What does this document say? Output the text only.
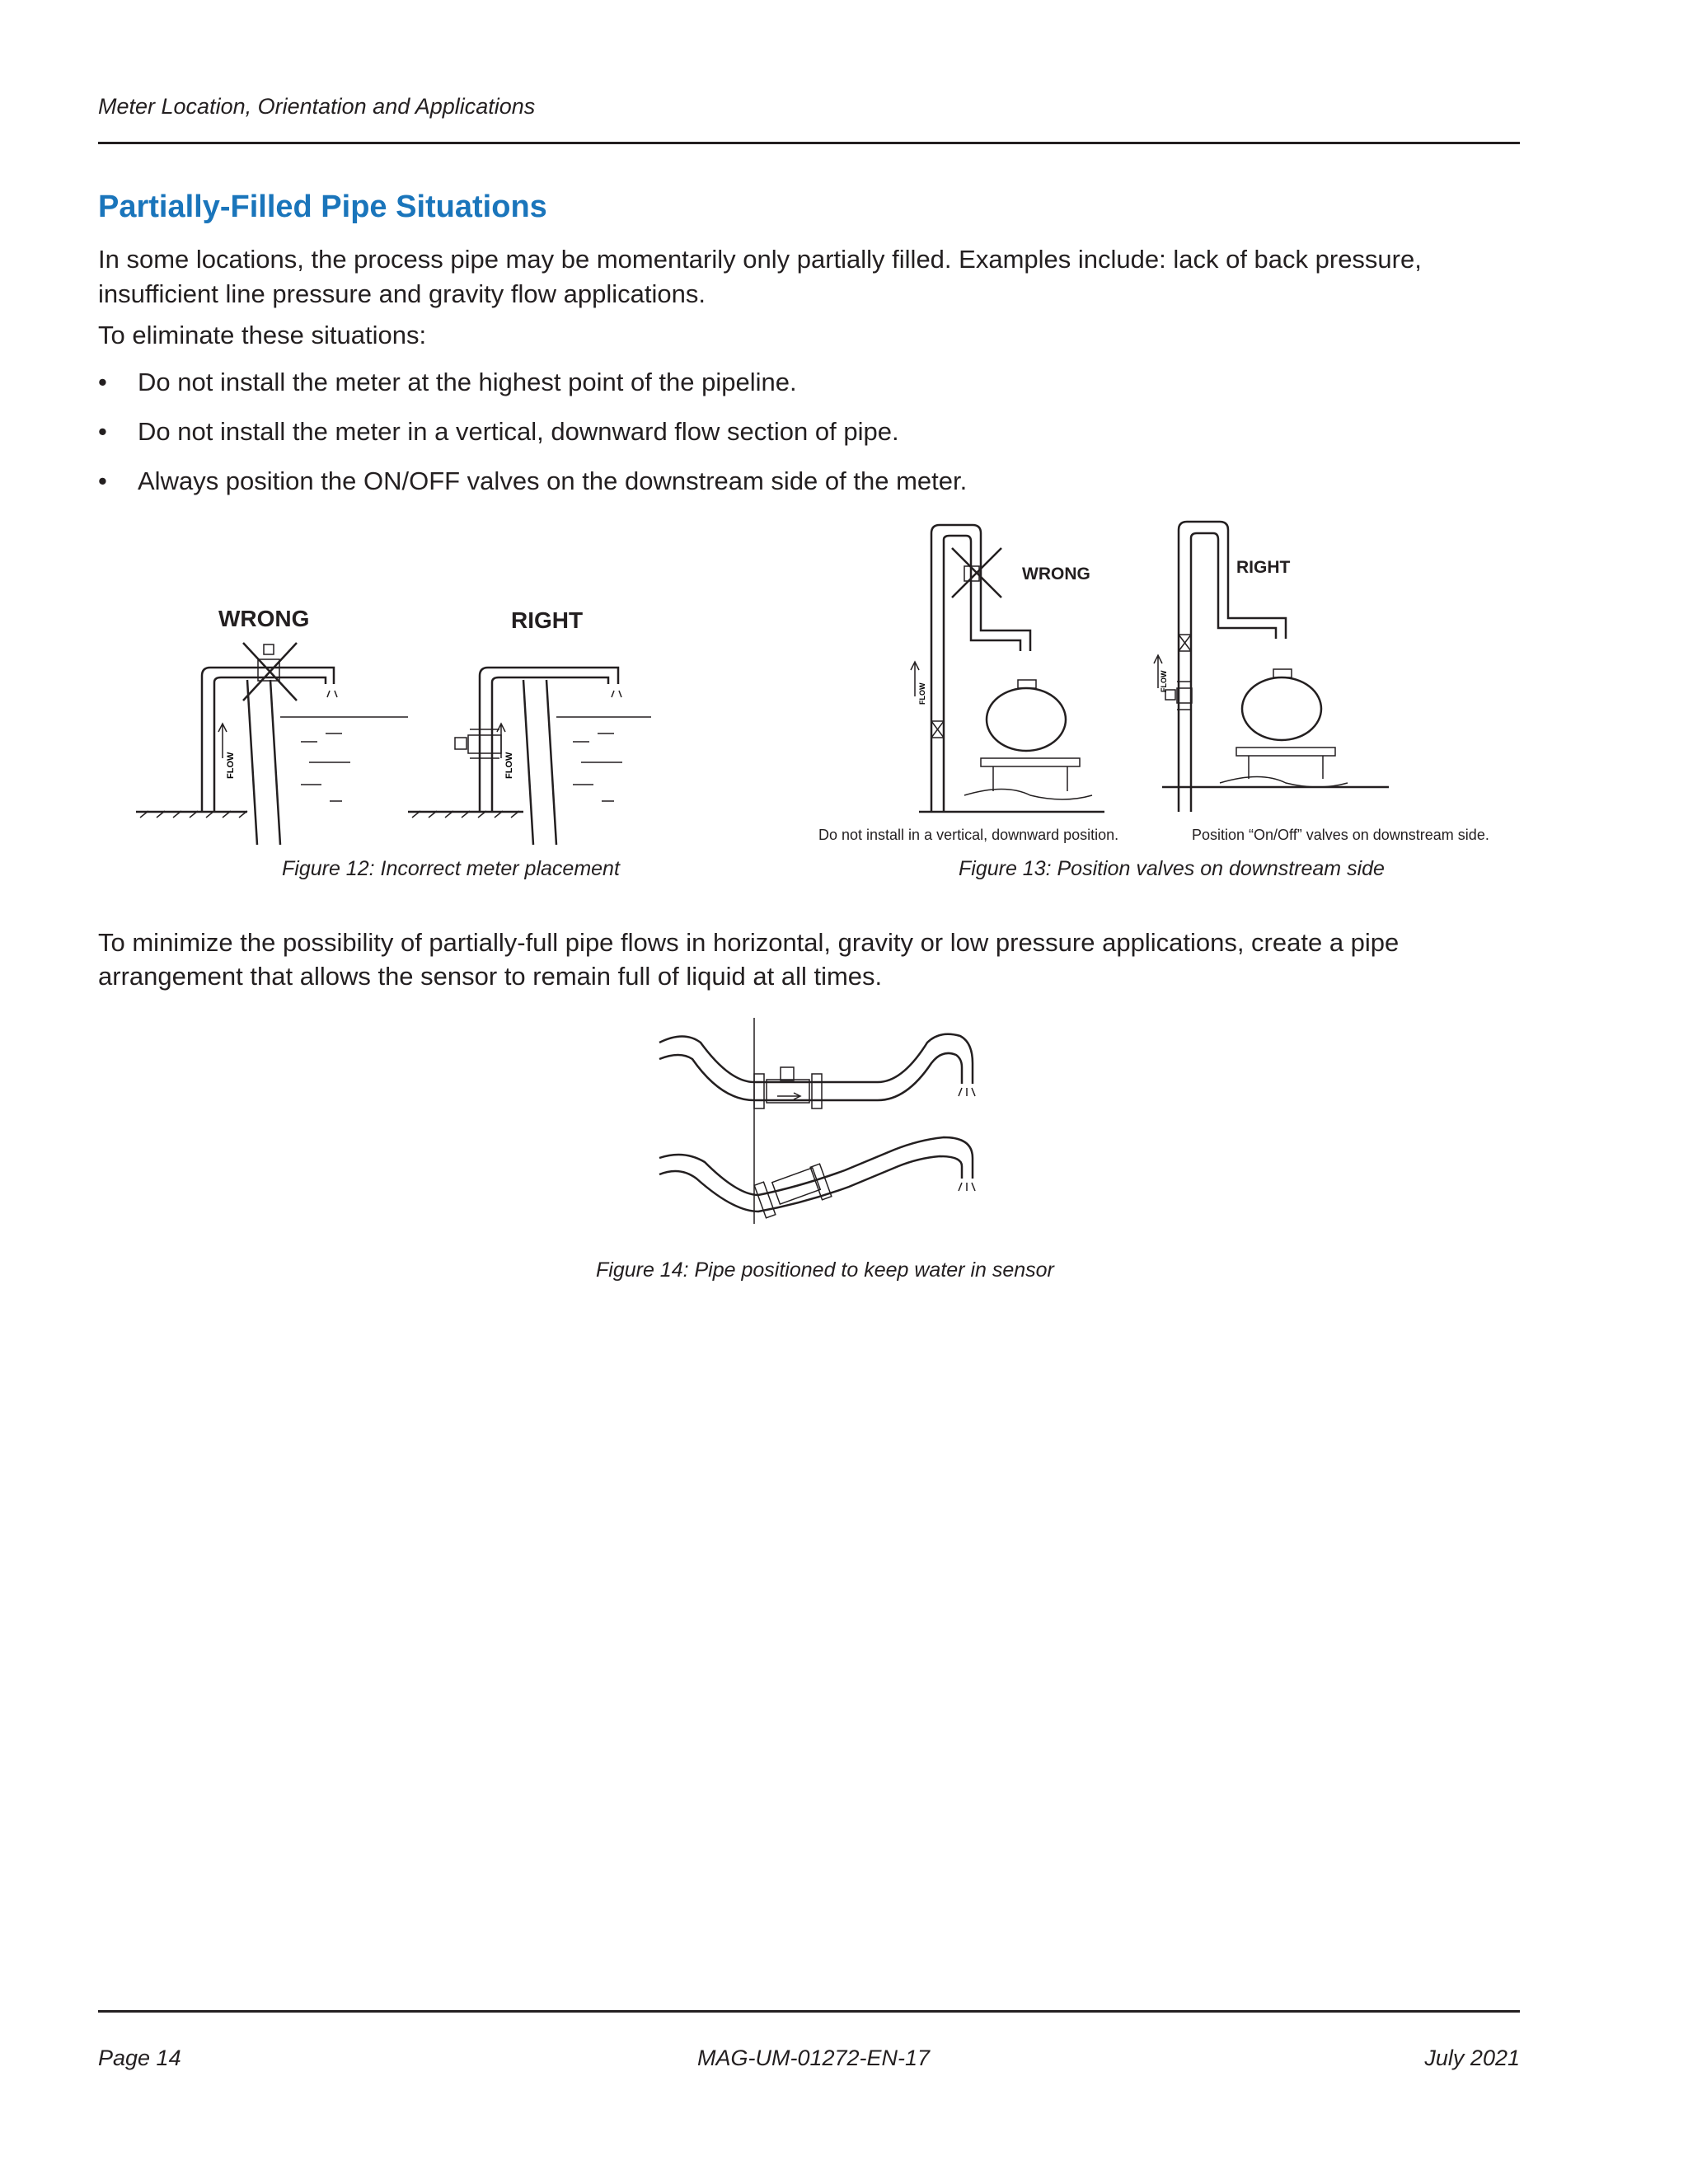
Meter Location, Orientation and Applications
Partially-Filled Pipe Situations
In some locations, the process pipe may be momentarily only partially filled. Examples include: lack of back pressure,
insufficient line pressure and gravity flow applications.
To eliminate these situations:
•	Do not install the meter at the highest point of the pipeline.
•	Do not install the meter in a vertical, downward flow section of pipe.
•	Always position the ON/OFF valves on the downstream side of the meter.
WRONG
FLOW
RIGHT
FLOW
Figure 12: Incorrect meter placement
WRONG
FLOW
RIGHT
FLOW
Do not install in a vertical, downward position.	Position “On/Off” valves on downstream side.
Figure 13: Position valves on downstream side
To minimize the possibility of partially-full pipe flows in horizontal, gravity or low pressure applications, create a pipe
arrangement that allows the sensor to remain full of liquid at all times.
Figure 14: Pipe positioned to keep water in sensor
Page 14	MAG-UM-01272-EN-17	July 2021
